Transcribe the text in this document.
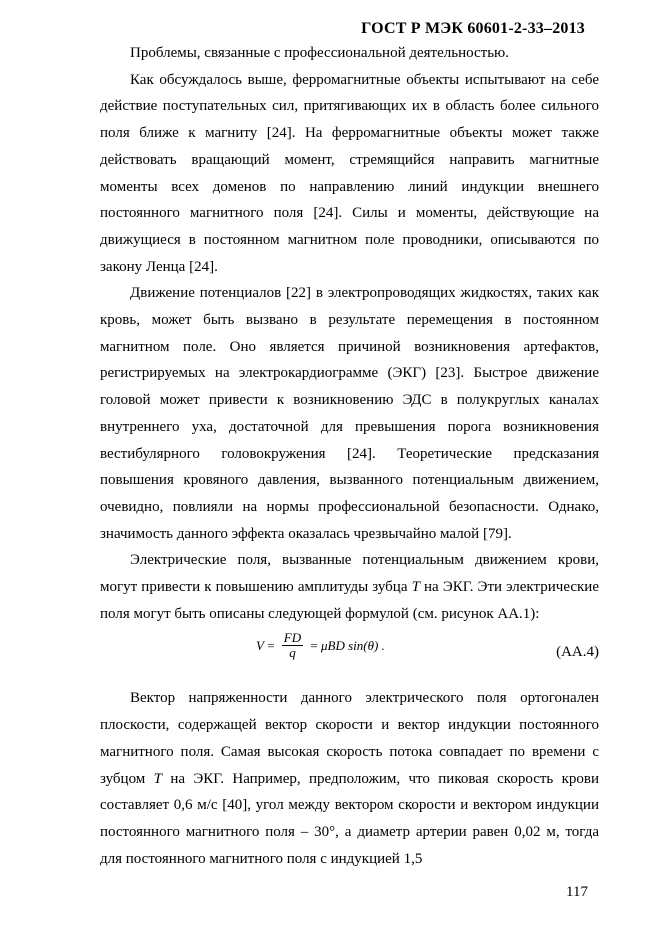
ГОСТ Р МЭК 60601-2-33–2013

Проблемы, связанные с профессиональной деятельностью.

Как обсуждалось выше, ферромагнитные объекты испытывают на себе действие поступательных сил, притягивающих их в область более сильного поля ближе к магниту [24]. На ферромагнитные объекты может также действовать вращающий момент, стремящийся направить магнитные моменты всех доменов по направлению линий индукции внешнего постоянного магнитного поля [24]. Силы и моменты, действующие на движущиеся в постоянном магнитном поле проводники, описываются по закону Ленца [24].

Движение потенциалов [22] в электропроводящих жидкостях, таких как кровь, может быть вызвано в результате перемещения в постоянном магнитном поле. Оно является причиной возникновения артефактов, регистрируемых на электрокардиограмме (ЭКГ) [23]. Быстрое движение головой может привести к возникновению ЭДС в полукруглых каналах внутреннего уха, достаточной для превышения порога возникновения вестибулярного головокружения [24]. Теоретические предсказания повышения кровяного давления, вызванного потенциальным движением, очевидно, повлияли на нормы профессиональной безопасности. Однако, значимость данного эффекта оказалась чрезвычайно малой [79].

Электрические поля, вызванные потенциальным движением крови, могут привести к повышению амплитуды зубца T на ЭКГ. Эти электрические поля могут быть описаны следующей формулой (см. рисунок АА.1):

$V = \frac{FD}{q} = \mu BD$ sin(θ) .	(АА.4)

Вектор напряженности данного электрического поля ортогонален плоскости, содержащей вектор скорости и вектор индукции постоянного магнитного поля. Самая высокая скорость потока совпадает по времени с зубцом T на ЭКГ. Например, предположим, что пиковая скорость крови составляет 0,6 м/с [40], угол между вектором скорости и вектором индукции постоянного магнитного поля – 30°, а диаметр артерии равен 0,02 м, тогда для постоянного магнитного поля с индукцией 1,5

117
